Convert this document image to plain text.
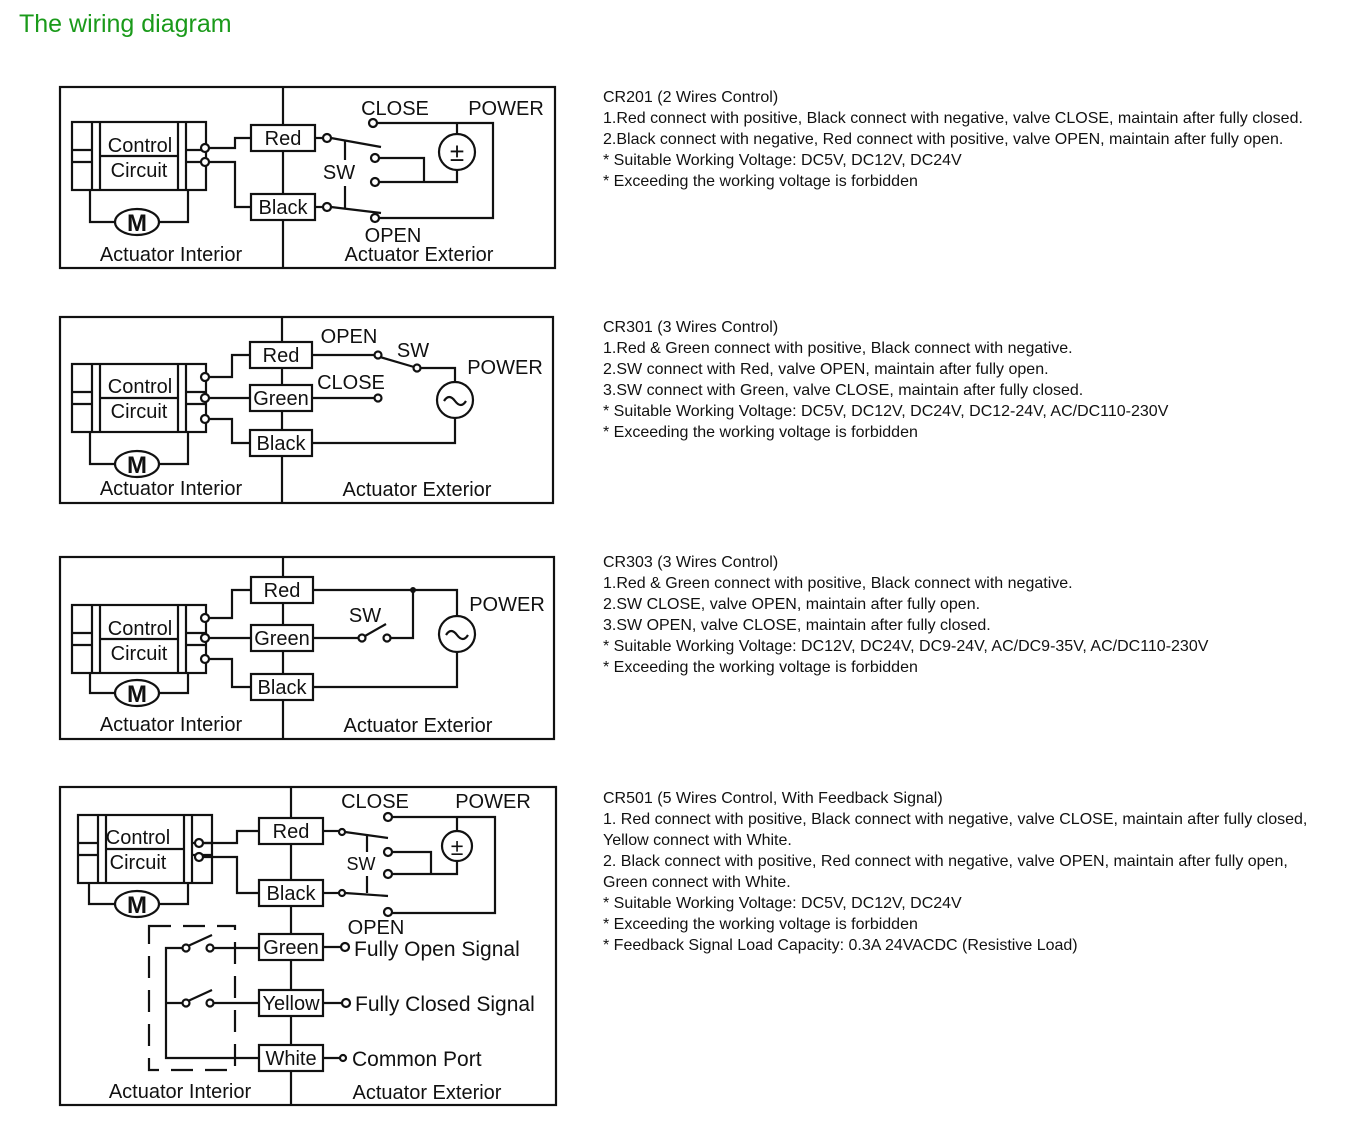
The wiring diagram
Control
Circuit
M
Red
Black
SW
±
CLOSE POWER
OPEN
Actuator Interior	Actuator Exterior
Control
Circuit
M
Red
Green
Black
OPEN
SW
CLOSE
POWER
Actuator Interior	Actuator Exterior
Control
Circuit
M
Red
Green
Black
SW	POWER
Actuator Interior	Actuator Exterior
Control
Circuit
M
Red
Black
Green
Yellow
White
SW
±
CLOSE POWER
OPEN
Fully Open Signal
Fully Closed Signal
Common Port
Actuator Interior	Actuator Exterior
CR201 (2 Wires Control)
1.Red connect with positive, Black connect with negative, valve CLOSE, maintain after fully closed.
2.Black connect with negative, Red connect with positive, valve OPEN, maintain after fully open.
* Suitable Working Voltage: DC5V, DC12V, DC24V
* Exceeding the working voltage is forbidden
CR301 (3 Wires Control)
1.Red & Green connect with positive, Black connect with negative.
2.SW connect with Red, valve OPEN, maintain after fully open.
3.SW connect with Green, valve CLOSE, maintain after fully closed.
* Suitable Working Voltage: DC5V, DC12V, DC24V, DC12-24V, AC/DC110-230V
* Exceeding the working voltage is forbidden
CR303 (3 Wires Control)
1.Red & Green connect with positive, Black connect with negative.
2.SW CLOSE, valve OPEN, maintain after fully open.
3.SW OPEN, valve CLOSE, maintain after fully closed.
* Suitable Working Voltage: DC12V, DC24V, DC9-24V, AC/DC9-35V, AC/DC110-230V
* Exceeding the working voltage is forbidden
CR501 (5 Wires Control, With Feedback Signal)
1. Red connect with positive, Black connect with negative, valve CLOSE, maintain after fully closed,
Yellow connect with White.
2. Black connect with positive, Red connect with negative, valve OPEN, maintain after fully open,
Green connect with White.
* Suitable Working Voltage: DC5V, DC12V, DC24V
* Exceeding the working voltage is forbidden
* Feedback Signal Load Capacity: 0.3A 24VACDC (Resistive Load)
